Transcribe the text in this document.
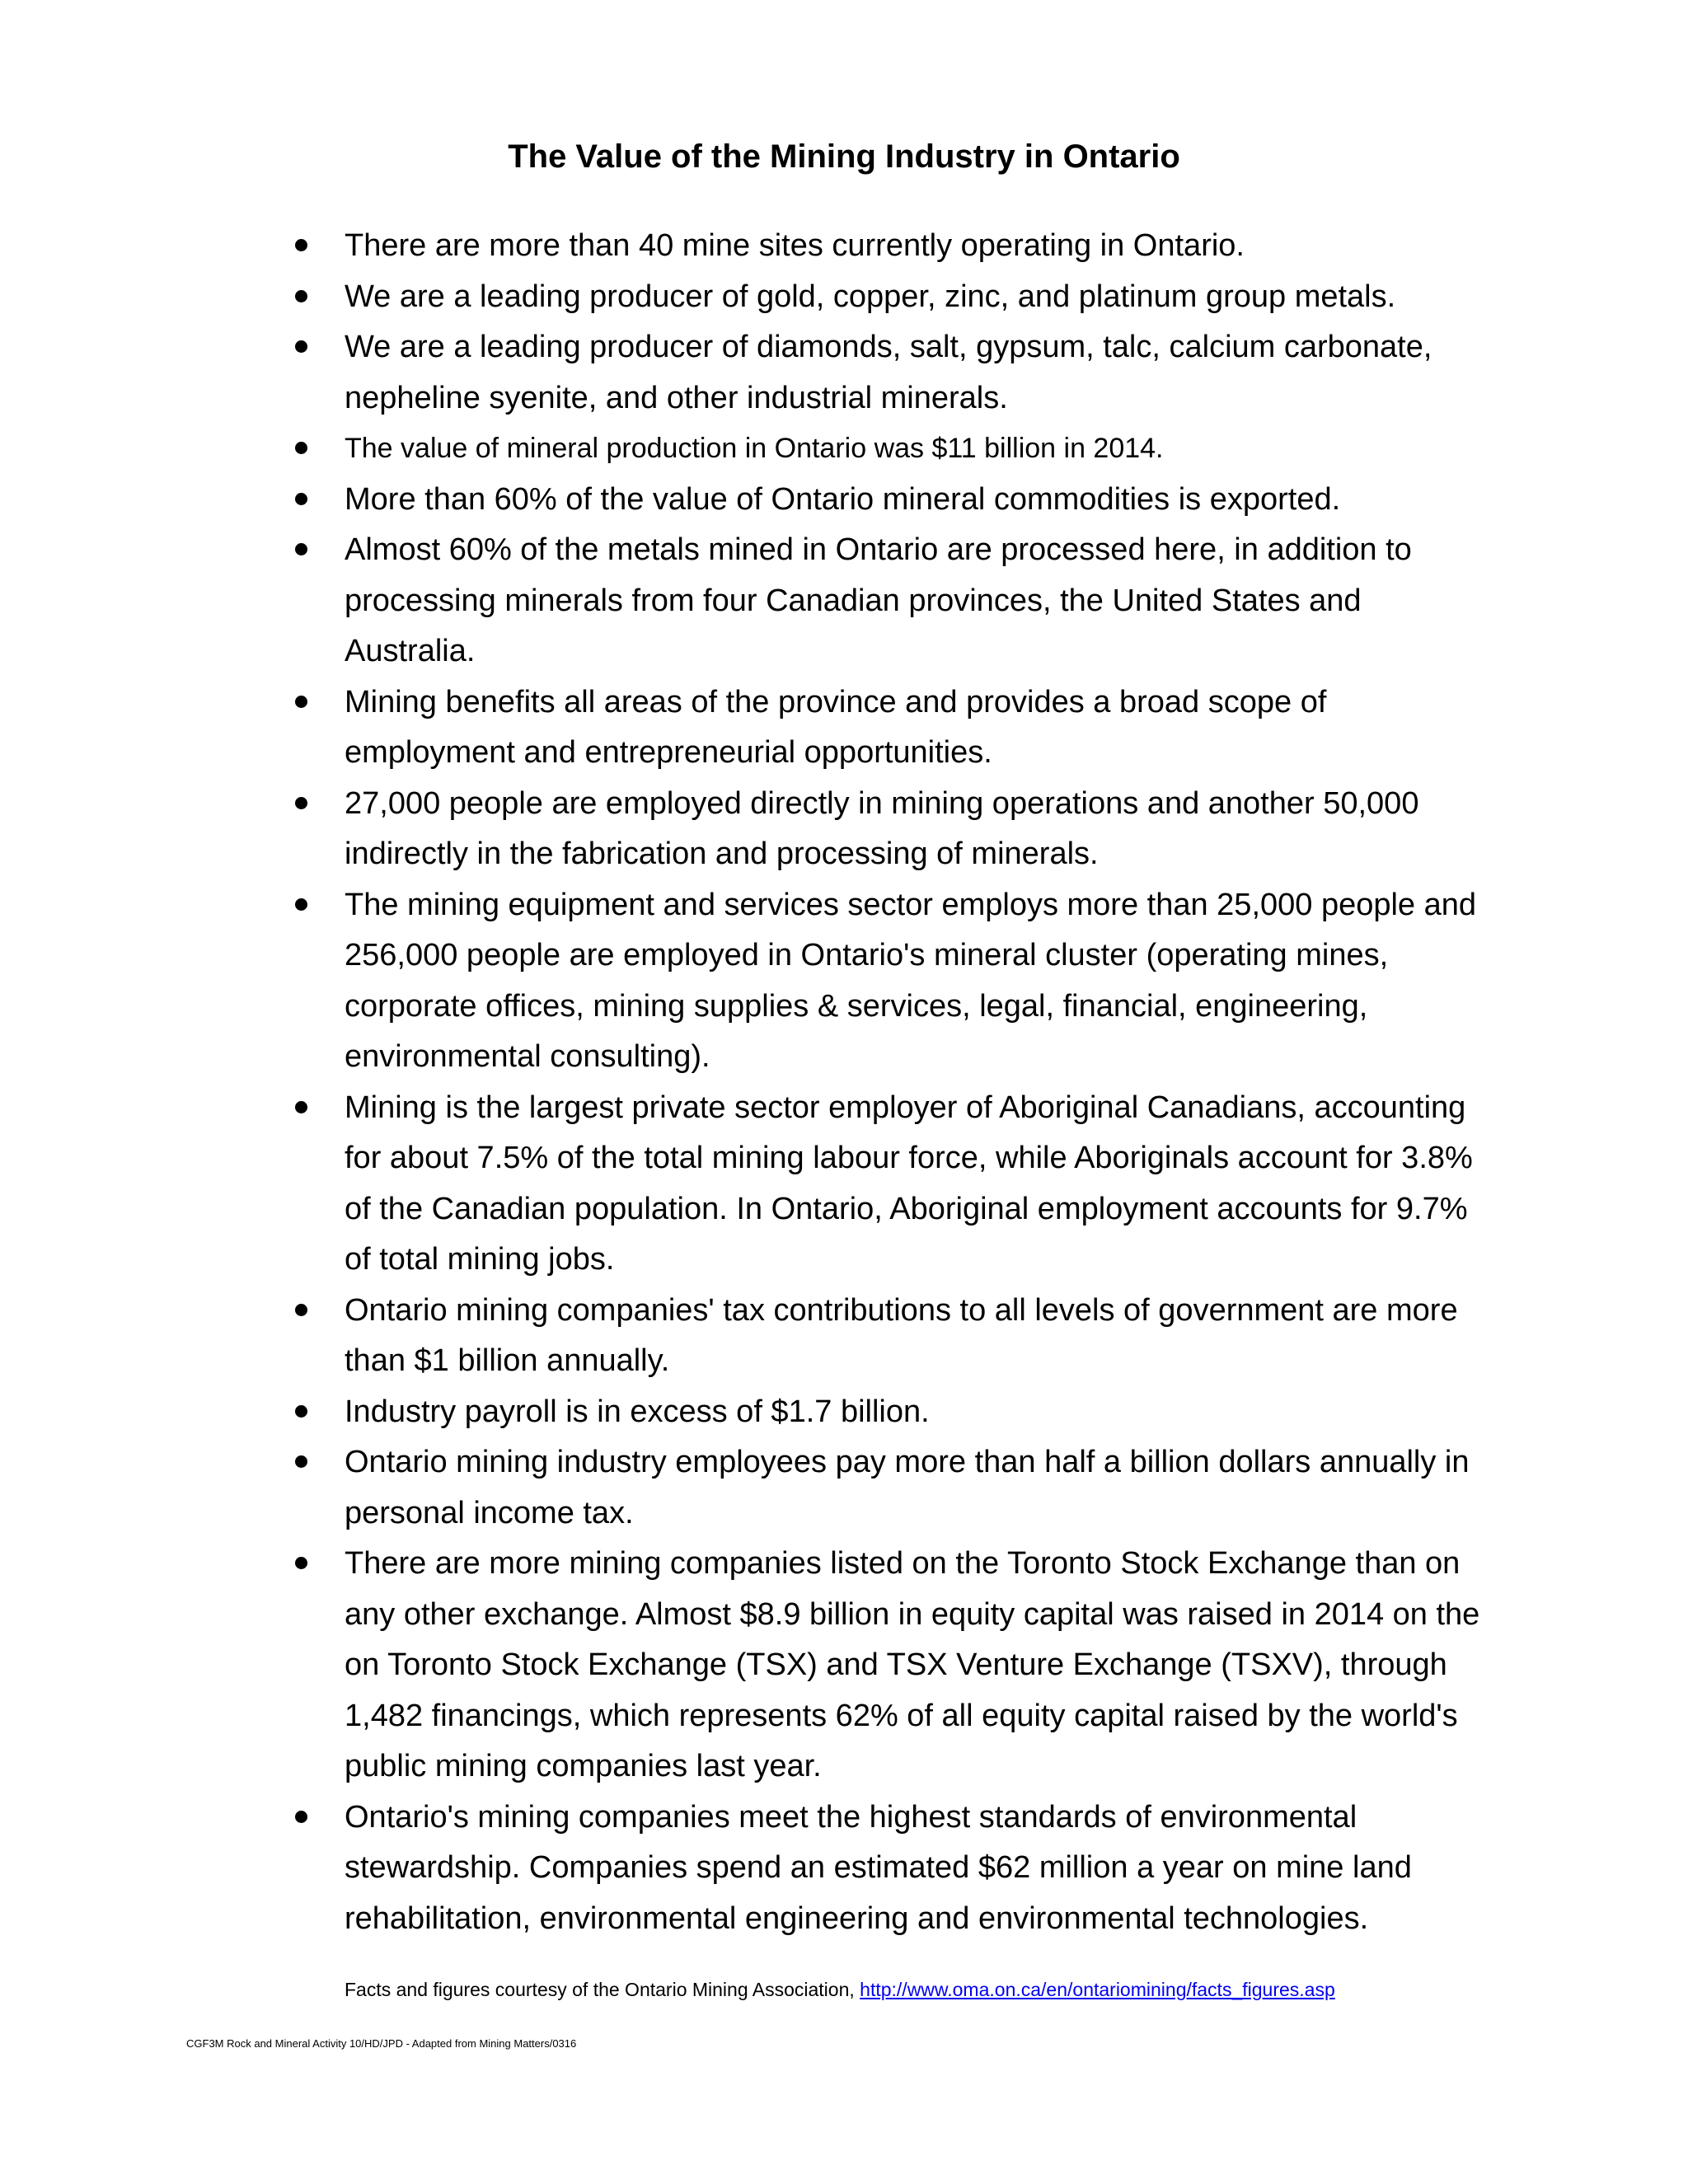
The Value of the Mining Industry in Ontario
There are more than 40 mine sites currently operating in Ontario.
We are a leading producer of gold, copper, zinc, and platinum group metals.
We are a leading producer of diamonds, salt, gypsum, talc, calcium carbonate, nepheline syenite, and other industrial minerals.
The value of mineral production in Ontario was $11 billion in 2014.
More than 60% of the value of Ontario mineral commodities is exported.
Almost 60% of the metals mined in Ontario are processed here, in addition to processing minerals from four Canadian provinces, the United States and Australia.
Mining benefits all areas of the province and provides a broad scope of employment and entrepreneurial opportunities.
27,000 people are employed directly in mining operations and another 50,000 indirectly in the fabrication and processing of minerals.
The mining equipment and services sector employs more than 25,000 people and 256,000 people are employed in Ontario's mineral cluster (operating mines, corporate offices, mining supplies & services, legal, financial, engineering, environmental consulting).
Mining is the largest private sector employer of Aboriginal Canadians, accounting for about 7.5% of the total mining labour force, while Aboriginals account for 3.8% of the Canadian population. In Ontario, Aboriginal employment accounts for 9.7% of total mining jobs.
Ontario mining companies' tax contributions to all levels of government are more than $1 billion annually.
Industry payroll is in excess of $1.7 billion.
Ontario mining industry employees pay more than half a billion dollars annually in personal income tax.
There are more mining companies listed on the Toronto Stock Exchange than on any other exchange. Almost $8.9 billion in equity capital was raised in 2014 on the on Toronto Stock Exchange (TSX) and TSX Venture Exchange (TSXV), through 1,482 financings, which represents 62% of all equity capital raised by the world's public mining companies last year.
Ontario's mining companies meet the highest standards of environmental stewardship. Companies spend an estimated $62 million a year on mine land rehabilitation, environmental engineering and environmental technologies.
Facts and figures courtesy of the Ontario Mining Association, http://www.oma.on.ca/en/ontariomining/facts_figures.asp
CGF3M Rock and Mineral Activity 10/HD/JPD - Adapted from Mining Matters/0316
